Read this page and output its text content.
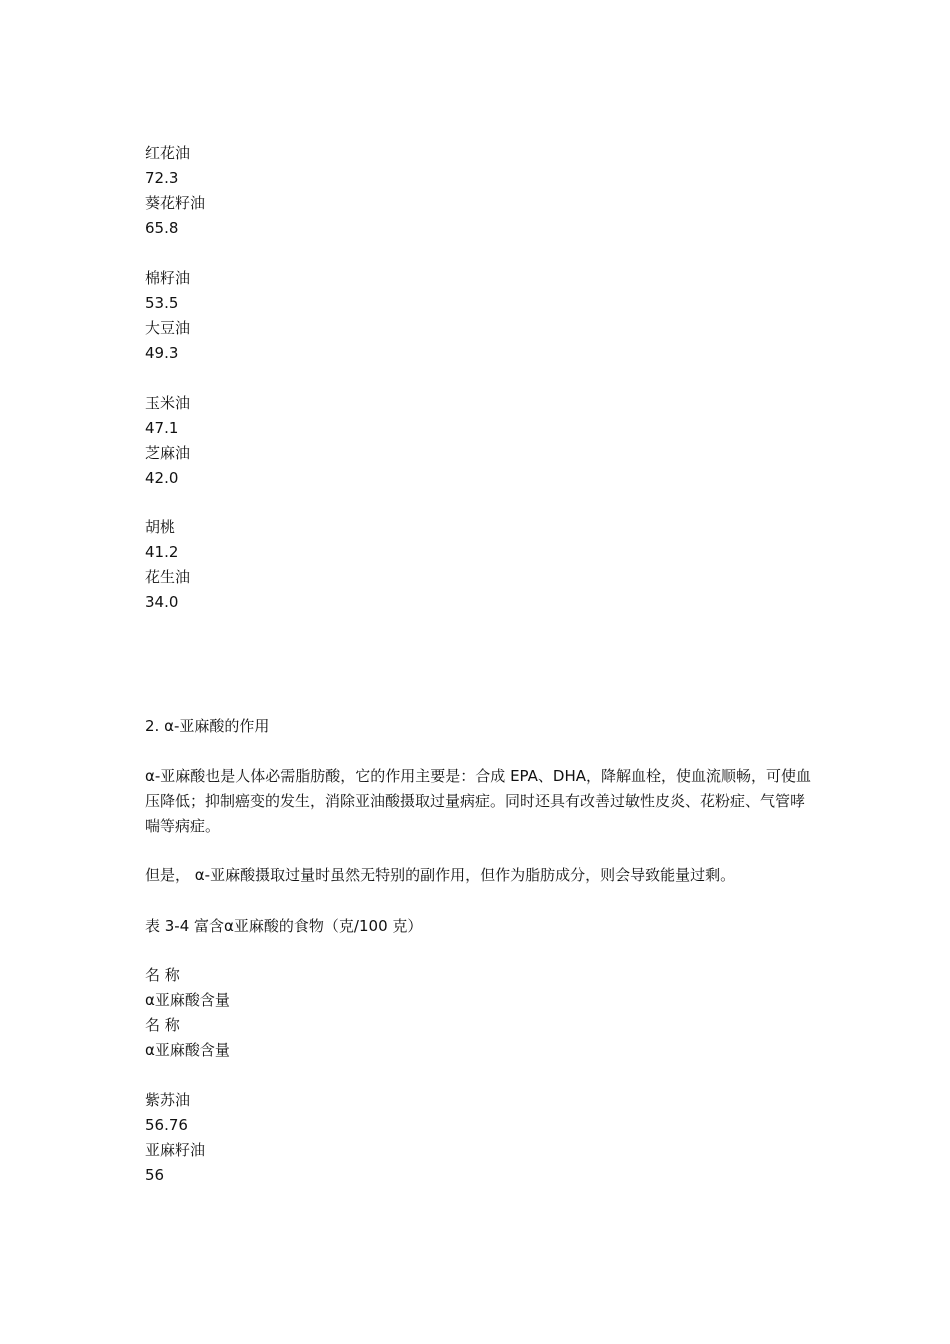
红花油

72.3

葵花籽油

65.8

棉籽油

53.5

大豆油

49.3

玉米油

47.1

芝麻油

42.0

胡桃

41.2

花生油

34.0

2. α-亚麻酸的作用

α-亚麻酸也是人体必需脂肪酸，它的作用主要是：合成 EPA、DHA，降解血栓，使血流顺畅，可使血压降低；抑制癌变的发生，消除亚油酸摄取过量病症。同时还具有改善过敏性皮炎、花粉症、气管哮喘等病症。

但是， α-亚麻酸摄取过量时虽然无特别的副作用，但作为脂肪成分，则会导致能量过剩。

表 3-4 富含α亚麻酸的食物（克/100 克）

名 称

α亚麻酸含量

名 称

α亚麻酸含量

紫苏油

56.76

亚麻籽油

56
